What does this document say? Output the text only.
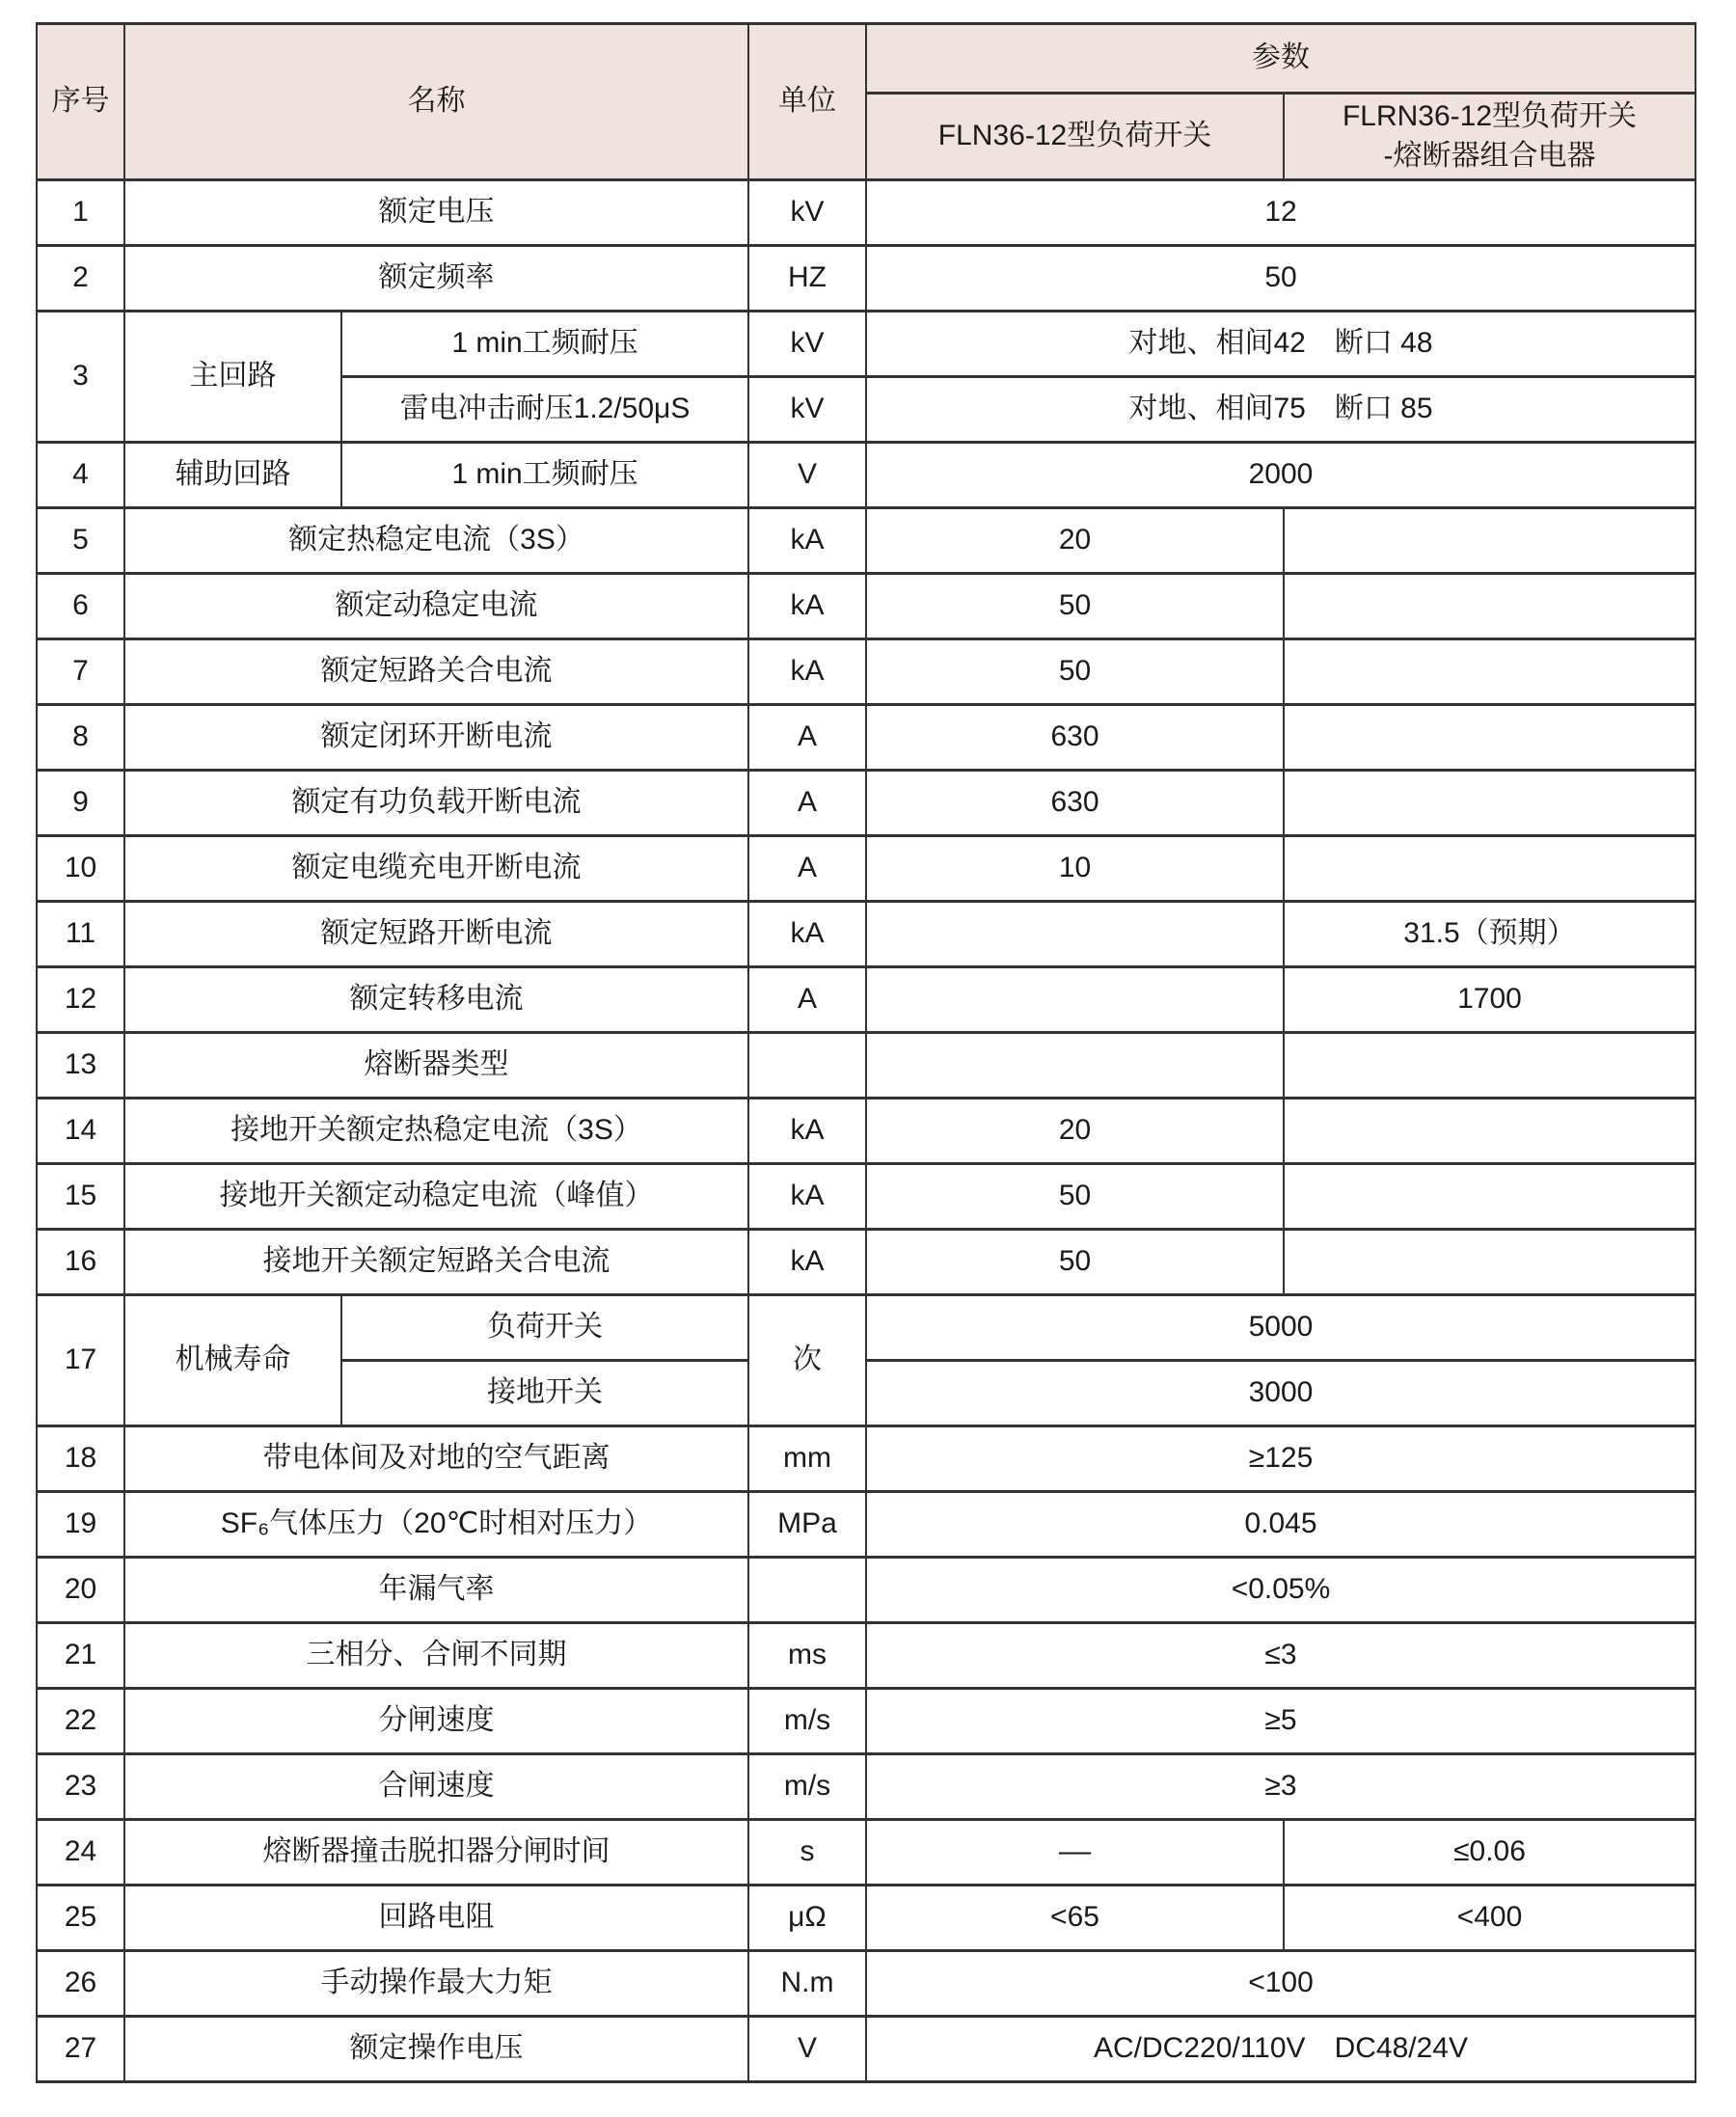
序号	名称		单位	参数	
				FLN36-12型负荷开关	FLRN36-12型负荷开关
-熔断器组合电器

1	额定电压		kV	12	
2	额定频率		HZ	50	
3	主回路	1 min工频耐压	kV	对地、相间42　断口 48	
		雷电冲击耐压1.2/50μS	kV	对地、相间75　断口 85	
4	辅助回路	1 min工频耐压	V	2000	
5	额定热稳定电流（3S）		kA	20	
6	额定动稳定电流		kA	50	
7	额定短路关合电流		kA	50	
8	额定闭环开断电流		A	630	
9	额定有功负载开断电流		A	630	
10	额定电缆充电开断电流		A	10	
11	额定短路开断电流		kA		31.5（预期）
12	额定转移电流		A		1700
13	熔断器类型				
14	接地开关额定热稳定电流（3S）		kA	20	
15	接地开关额定动稳定电流（峰值）		kA	50	
16	接地开关额定短路关合电流		kA	50	
17	机械寿命	负荷开关	次	5000	
		接地开关		3000	
18	带电体间及对地的空气距离		mm	≥125	
19	SF₆气体压力（20℃时相对压力）		MPa	0.045	
20	年漏气率			<0.05%	
21	三相分、合闸不同期		ms	≤3	
22	分闸速度		m/s	≥5	
23	合闸速度		m/s	≥3	
24	熔断器撞击脱扣器分闸时间		s	––	≤0.06
25	回路电阻		μΩ	<65	<400
26	手动操作最大力矩		N.m	<100	
27	额定操作电压		V	AC/DC220/110V　DC48/24V	
